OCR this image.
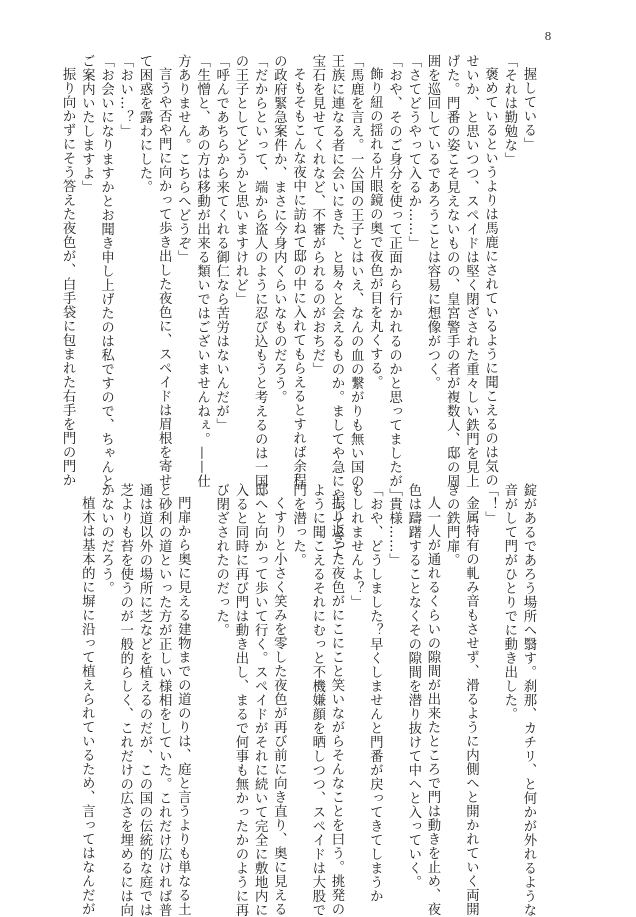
8
握している」
「それは勤勉な」
褒めているというよりは馬鹿にされているように聞こえるのは気の
せいか、と思いつつ、スペイドは堅く閉ざされた重々しい鉄門を見上
げた。門番の姿こそ見えないものの、皇宮警手の者が複数人、邸の周
囲を巡回しているであろうことは容易に想像がつく。
「さてどうやって入るか……」
「おや、そのご身分を使って正面から行かれるのかと思ってましたが」
飾り紐の揺れる片眼鏡の奥で夜色が目を丸くする。
「馬鹿を言え。一公国の王子とはいえ、なんの血の繋がりも無い国の
王族に連なる者に会いにきた、と易々と会えるものか。ましてや急にやってきて
宝石を見せてくれなど、不審がられるのがおちだ」
そもそもこんな夜中に訪ねて邸の中に入れてもらえるとすれば余程
の政府緊急案件か、まさに今身内くらいなものだろう。
「だからといって、端から盗人のように忍び込もうと考えるのは一国
の王子としてどうかと思いますけれど」
「呼んであちらから来てくれる御仁なら苦労はないんだが」
「生憎と、あの方は移動が出来る類いではございませんねぇ。——仕
方ありません。こちらへどうぞ」
言うや否や門に向かって歩き出した夜色に、スペイドは眉根を寄せ
て困惑を露わにした。
「おい…？」
「お会いになりますかとお聞き申し上げたのは私ですので、ちゃんと
ご案内いたしますよ」
振り向かずにそう答えた夜色が、白手袋に包まれた右手を門の門か
錠があるであろう場所へ翳す。刹那、カチリ、と何かが外れるような
音がして門がひとりでに動き出した。
「！」
金属特有の軋み音もさせず、滑るように内側へと開かれていく両開
きの鉄門扉。
人一人が通れるくらいの隙間が出来たところで門は動きを止め、夜
色は躊躇することなくその隙間を潜り抜けて中へと入っていく。
「貴様……」
「おや、どうしました？早くしませんと門番が戻ってきてしまうか
もしれませんよ？」
振り返った夜色がにこにこと笑いながらそんなことを曰う。挑発の
ように聞こえるそれにむっと不機嫌顔を晒しつつ、スペイドは大股で
門を潜った。
くすりと小さく笑みを零した夜色が再び前に向き直り、奥に見える
邸へと向かって歩いて行く。スペイドがそれに続いて完全に敷地内に
入ると同時に再び門は動き出し、まるで何事も無かったかのように再
び閉ざされたのだった。

門扉から奥に見える建物までの道のりは、庭と言うよりも単なる土
と砂利の道といった方が正しい様相をしていた。これだけ広ければ普
通は道以外の場所に芝などを植えるのだが、この国の伝統的な庭では
芝よりも苔を使うのが一般的らしく、これだけの広さを埋めるには向
かないのだろう。
植木は基本的に塀に沿って植えられているため、言ってはなんだが
